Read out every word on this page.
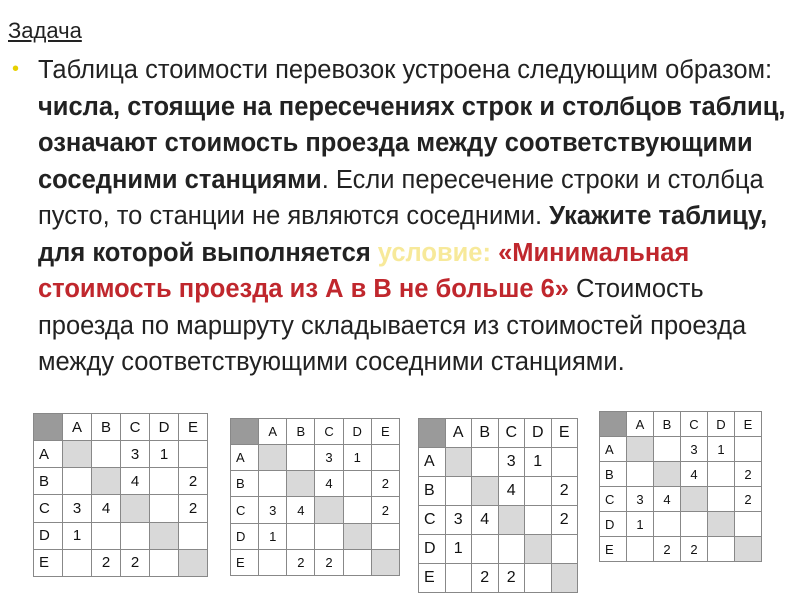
Задача
• Таблица стоимости перевозок устроена следующим образом: числа, стоящие на пересечениях строк и столбцов таблиц, означают стоимость проезда между соответствующими соседними станциями. Если пересечение строки и столбца пусто, то станции не являются соседними. Укажите таблицу, для которой выполняется условие: «Минимальная стоимость проезда из А в В не больше 6» Стоимость проезда по маршруту складывается из стоимостей проезда между соответствующими соседними станциями.
	A	B	C	D	E
A			3	1	
B			4		2
C	3	4			2
D	1				
E		2	2		
	A	B	C	D	E
A			3	1	
B			4		2
C	3	4			2
D	1				
E		2	2		
	A	B	C	D	E
A			3	1	
B			4		2
C	3	4			2
D	1				
E		2	2		
	A	B	C	D	E
A			3	1	
B			4		2
C	3	4			2
D	1				
E		2	2		
